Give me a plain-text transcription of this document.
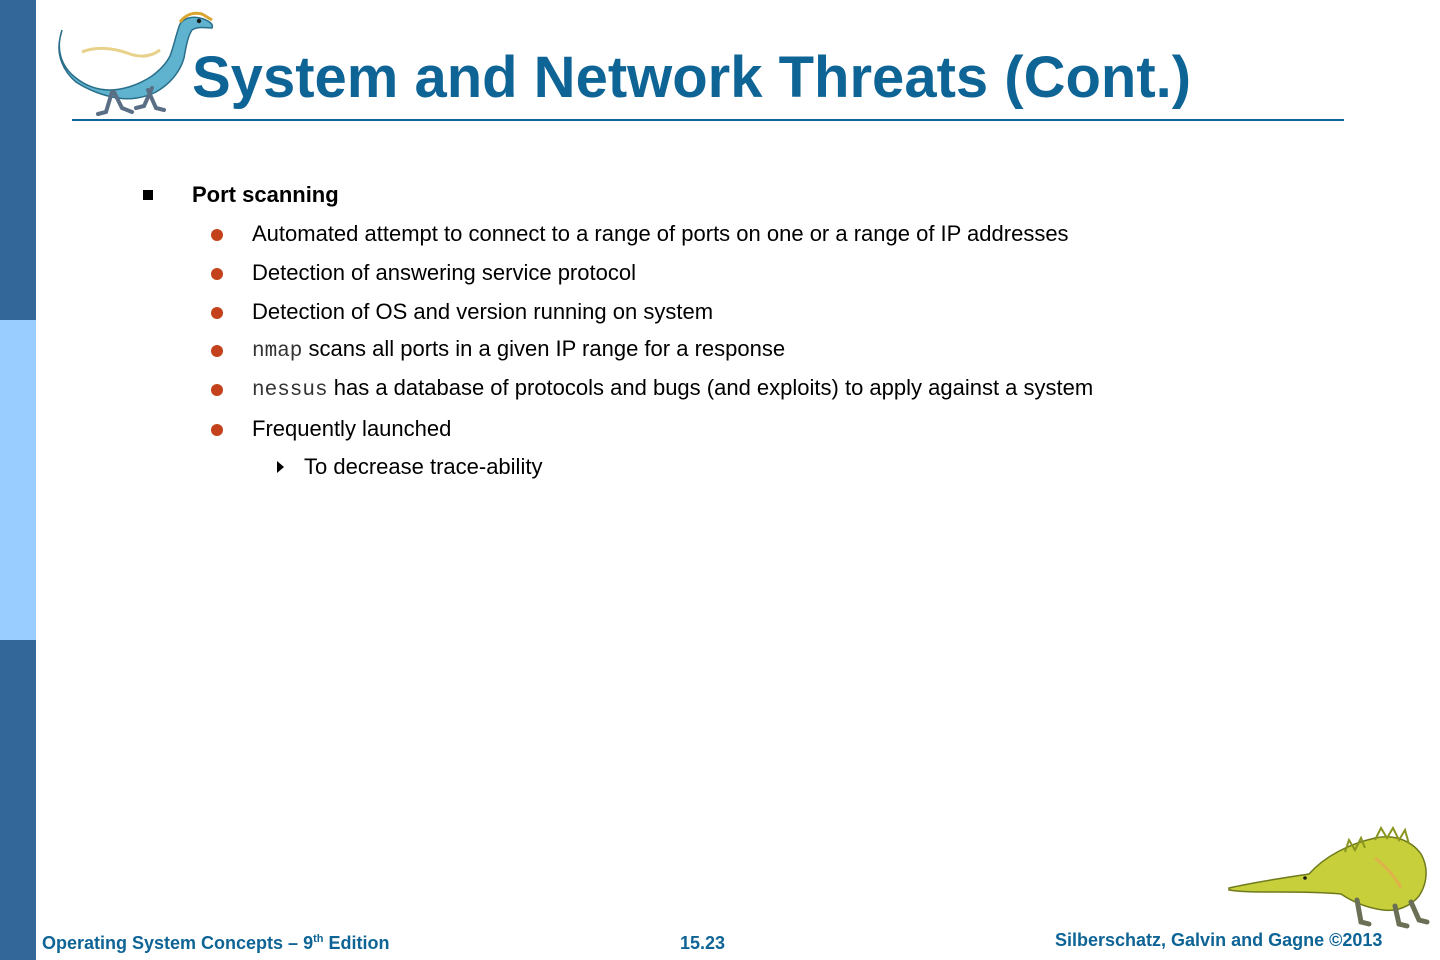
System and Network Threats (Cont.)
Port scanning
Automated attempt to connect to a range of ports on one or a range of IP addresses
Detection of answering service protocol
Detection of OS and version running on system
nmap scans all ports in a given IP range for a response
nessus has a database of protocols and bugs (and exploits) to apply against a system
Frequently launched
To decrease trace-ability
Operating System Concepts – 9th Edition	15.23	Silberschatz, Galvin and Gagne ©2013
